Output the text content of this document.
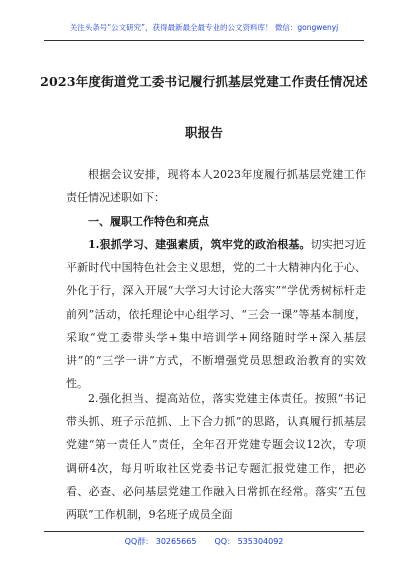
关注头条号“公文研究”，获得最新最全最专业的公文资料库！ 微信：gongwenyj
2023年度街道党工委书记履行抓基层党建工作责任情况述
职报告

根据会议安排，现将本人2023年度履行抓基层党建工作责任情况述职如下：

一、履职工作特色和亮点

1.狠抓学习、建强素质，筑牢党的政治根基。切实把习近平新时代中国特色社会主义思想，党的二十大精神内化于心、外化于行，深入开展“大学习大讨论大落实”“学优秀树标杆走前列”活动，依托理论中心组学习、“三会一课”等基本制度，采取“党工委带头学+集中培训学+网络随时学+深入基层讲”的“三学一讲”方式，不断增强党员思想政治教育的实效性。

2.强化担当、提高站位，落实党建主体责任。按照“书记带头抓、班子示范抓、上下合力抓”的思路，认真履行抓基层党建“第一责任人”责任，全年召开党建专题会议12次，专项调研4次，每月听取社区党委书记专题汇报党建工作，把必看、必查、必问基层党建工作融入日常抓在经常。落实“五包两联”工作机制，9名班子成员全面

QQ群： 30265665 QQ： 535304092
